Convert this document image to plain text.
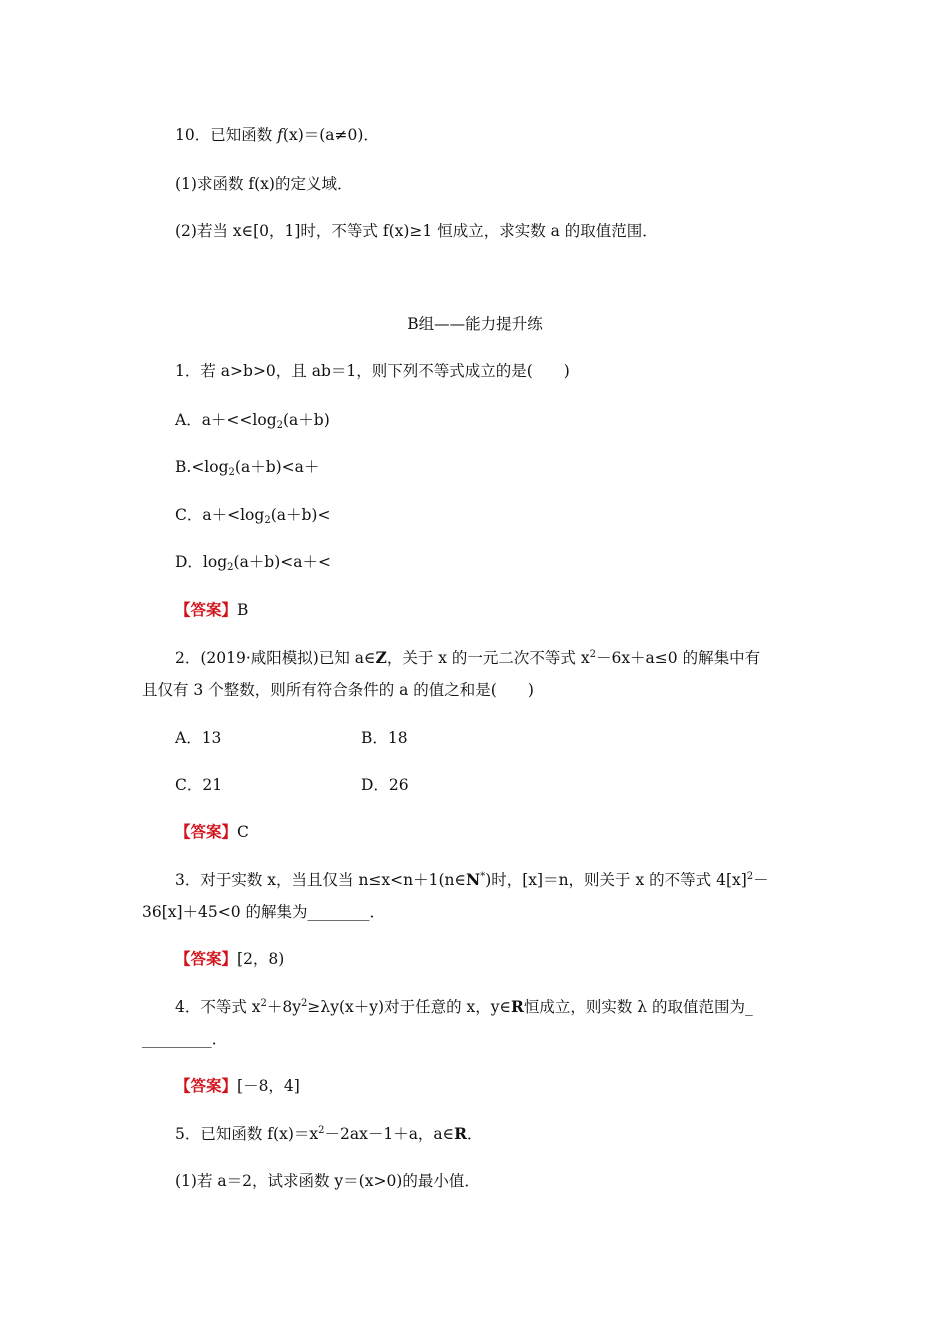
10．已知函数 f(x)＝(a≠0)．
(1)求函数 f(x)的定义域．
(2)若当 x∈[0，1]时，不等式 f(x)≥1 恒成立，求实数 a 的取值范围．
B组——能力提升练
1．若 a>b>0，且 ab＝1，则下列不等式成立的是(　　)
A．$a+<<\log_2(a+b)$
$B.<\log_2(a+b)<a+$
C．$a+<\log_2(a+b)<$
D．$\log_2(a+b)<a+<$
【答案】B
2．(2019·咸阳模拟)已知 a∈Z，关于 x 的一元二次不等式 $x^2-6x+a\le 0$ 的解集中有
且仅有 3 个整数，则所有符合条件的 a 的值之和是(　　)
A．13	B．18
C．21	D．26
【答案】C
3．对于实数 x，当且仅当 n≤x<n＋1(n∈N*)时，[x]＝n，则关于 x 的不等式 $4[x]^2-$
36[x]＋45<0 的解集为________．
【答案】[2，8)
4．不等式 $x^2+8y^2\ge\lambda y(x+y)$对于任意的 x，y∈R恒成立，则实数 λ 的取值范围为_
_________．
【答案】[－8，4]
5．已知函数 $f(x)=x^2-2ax-1+a$，a∈R．
(1)若 a＝2，试求函数 y＝(x>0)的最小值．
